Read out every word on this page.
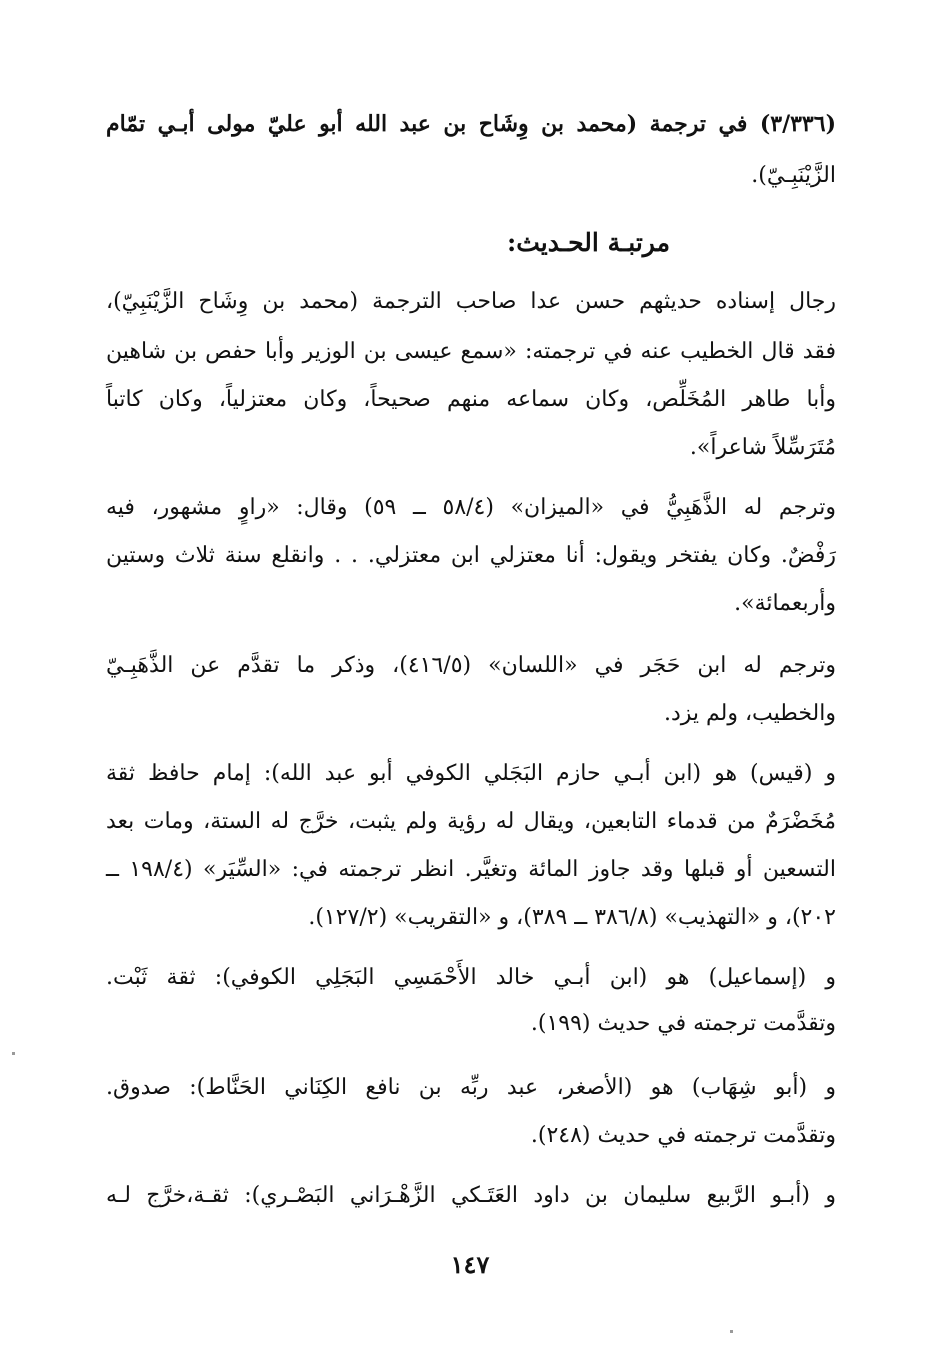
(٣/٣٣٦) في ترجمة (محمد بن وِشَاح بن عبد الله أبو عليّ مولى أبـي تمّام
الزَّيْنَبِـيّ).
مرتبـة الحـديث:
رجال إسناده حديثهم حسن عدا صاحب الترجمة (محمد بن وِشَاح الزَّيْنَبِيّ)،
فقد قال الخطيب عنه في ترجمته: «سمع عيسى بن الوزير وأبا حفص بن شاهين
وأبا طاهر المُخَلِّص، وكان سماعه منهم صحيحاً، وكان معتزلياً، وكان كاتباً
مُتَرَسِّلاً شاعراً».
وترجم له الذَّهَبِيُّ في «الميزان» (٥٨/٤ ــ ٥٩) وقال: «راوٍ مشهور، فيه
رَفْضٌ. وكان يفتخر ويقول: أنا معتزلي ابن معتزلي. . . وانقلع سنة ثلاث وستين
وأربعمائة».
وترجم له ابن حَجَر في «اللسان» (٤١٦/٥)، وذكر ما تقدَّم عن الذَّهَبِـيّ
والخطيب، ولم يزد.
و (قيس) هو (ابن أبـي حازم البَجَلي الكوفي أبو عبد الله): إمام حافظ ثقة
مُخَضْرَمٌ من قدماء التابعين، ويقال له رؤية ولم يثبت، خرَّج له الستة، ومات بعد
التسعين أو قبلها وقد جاوز المائة وتغيَّر. انظر ترجمته في: «السِّيَر» (١٩٨/٤ ــ
٢٠٢)، و «التهذيب» (٣٨٦/٨ ــ ٣٨٩)، و «التقريب» (١٢٧/٢).
و (إسماعيل) هو (ابن أبـي خالد الأَحْمَسِي البَجَلِي الكوفي): ثقة ثَبْت.
وتقدَّمت ترجمته في حديث (١٩٩).
و (أبو شِهَاب) هو (الأصغر، عبد ربِّه بن نافع الكِنَاني الحَنَّاط): صدوق.
وتقدَّمت ترجمته في حديث (٢٤٨).
و (أبـو الرَّبيع سليمان بن داود العَتَـكي الزَّهْـرَاني البَصْـري): ثقـة،خرَّج لـه
١٤٧
